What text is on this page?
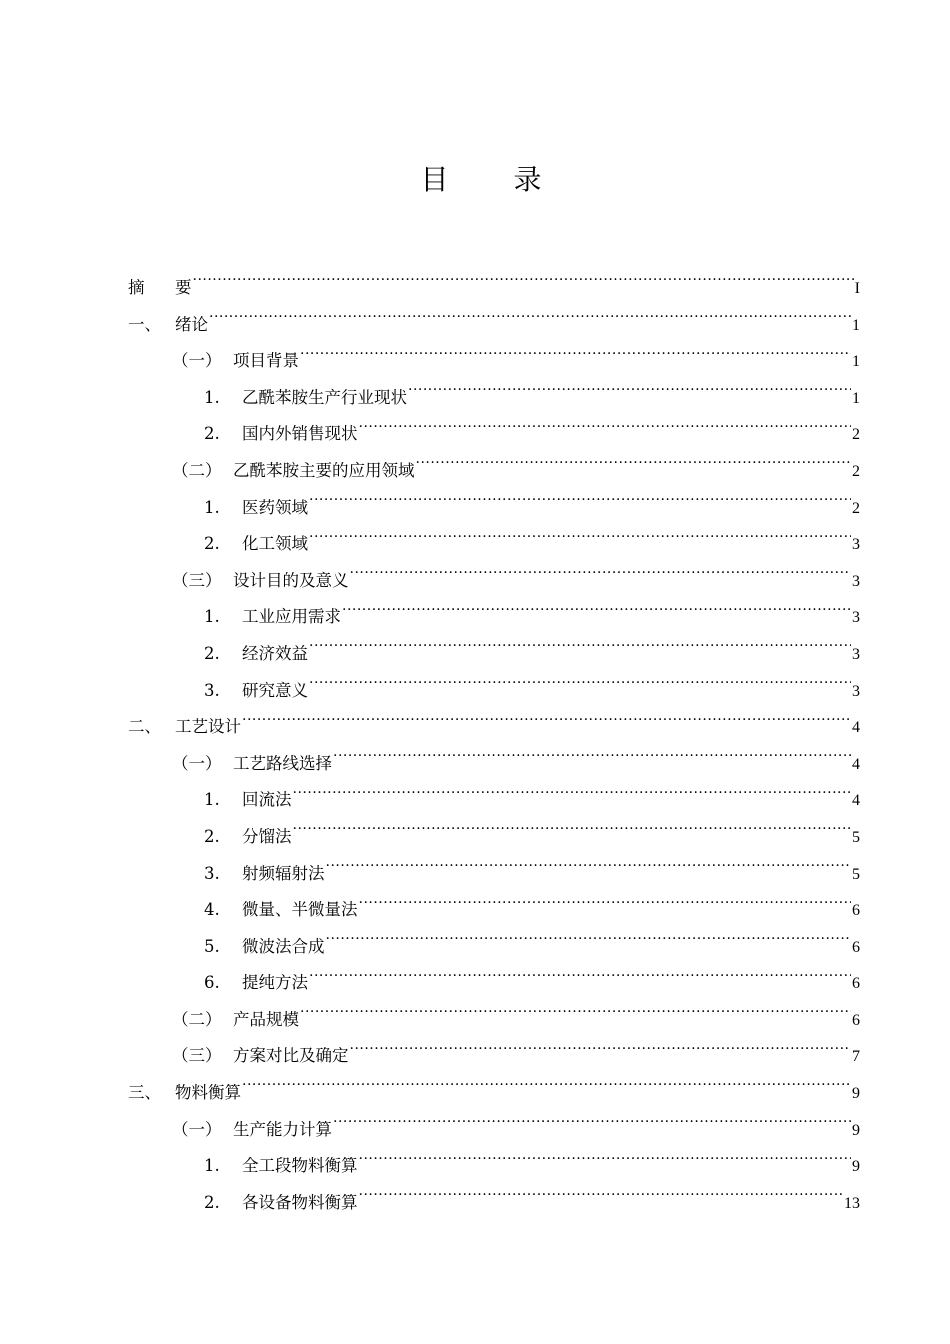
目 录
摘	要 .....	I
一、 绪论 .....	1
（一） 项目背景 .....	1
1.	乙酰苯胺生产行业现状 .....	1
2.	国内外销售现状 .....	2
（二） 乙酰苯胺主要的应用领域 .....	2
1.	医药领域 .....	2
2.	化工领域 .....	3
（三） 设计目的及意义 .....	3
1.	工业应用需求 .....	3
2.	经济效益 .....	3
3.	研究意义 .....	3
二、 工艺设计 .....	4
（一） 工艺路线选择 .....	4
1.	回流法 .....	4
2.	分馏法 .....	5
3.	射频辐射法 .....	5
4.	微量、半微量法 .....	6
5.	微波法合成 .....	6
6.	提纯方法 .....	6
（二） 产品规模 .....	6
（三） 方案对比及确定 .....	7
三、 物料衡算 .....	9
（一） 生产能力计算 .....	9
1.	全工段物料衡算 .....	9
2.	各设备物料衡算 .....	13
